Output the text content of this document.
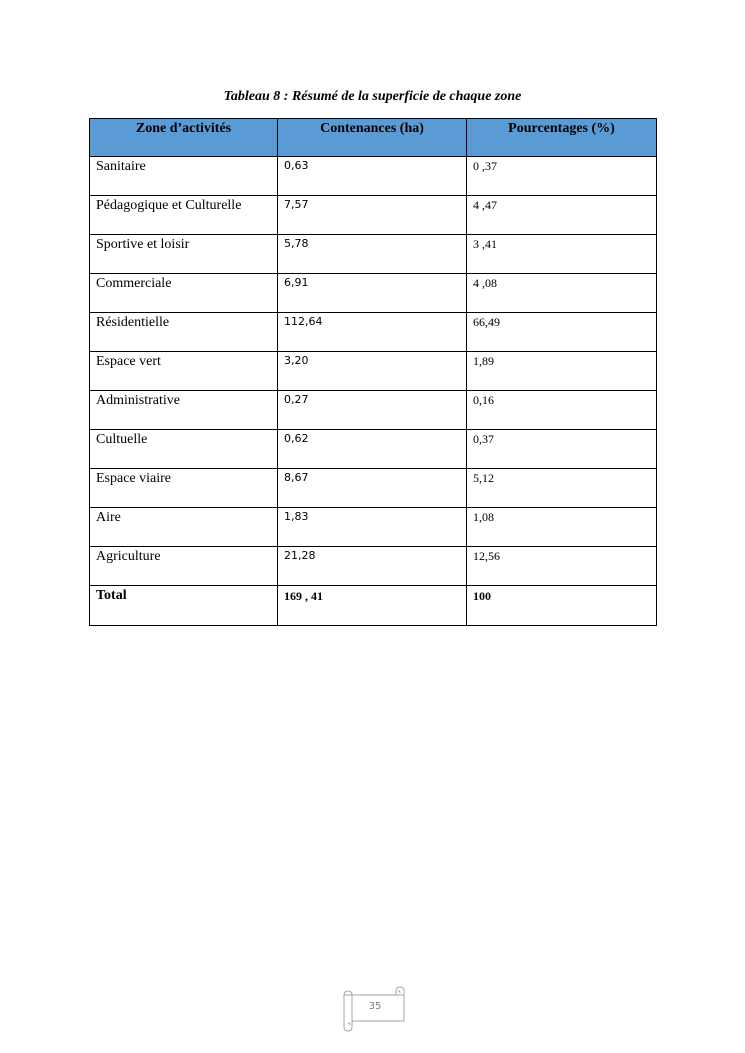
Tableau 8 : Résumé de la superficie de chaque zone
Zone d’activités	Contenances (ha)	Pourcentages (%)
Sanitaire	0,63	0 ,37
Pédagogique et Culturelle	7,57	4 ,47
Sportive et loisir	5,78	3 ,41
Commerciale	6,91	4 ,08
Résidentielle	112,64	66,49
Espace vert	3,20	1,89
Administrative	0,27	0,16
Cultuelle	0,62	0,37
Espace viaire	8,67	5,12
Aire	1,83	1,08
Agriculture	21,28	12,56
Total	169 , 41	100
35
